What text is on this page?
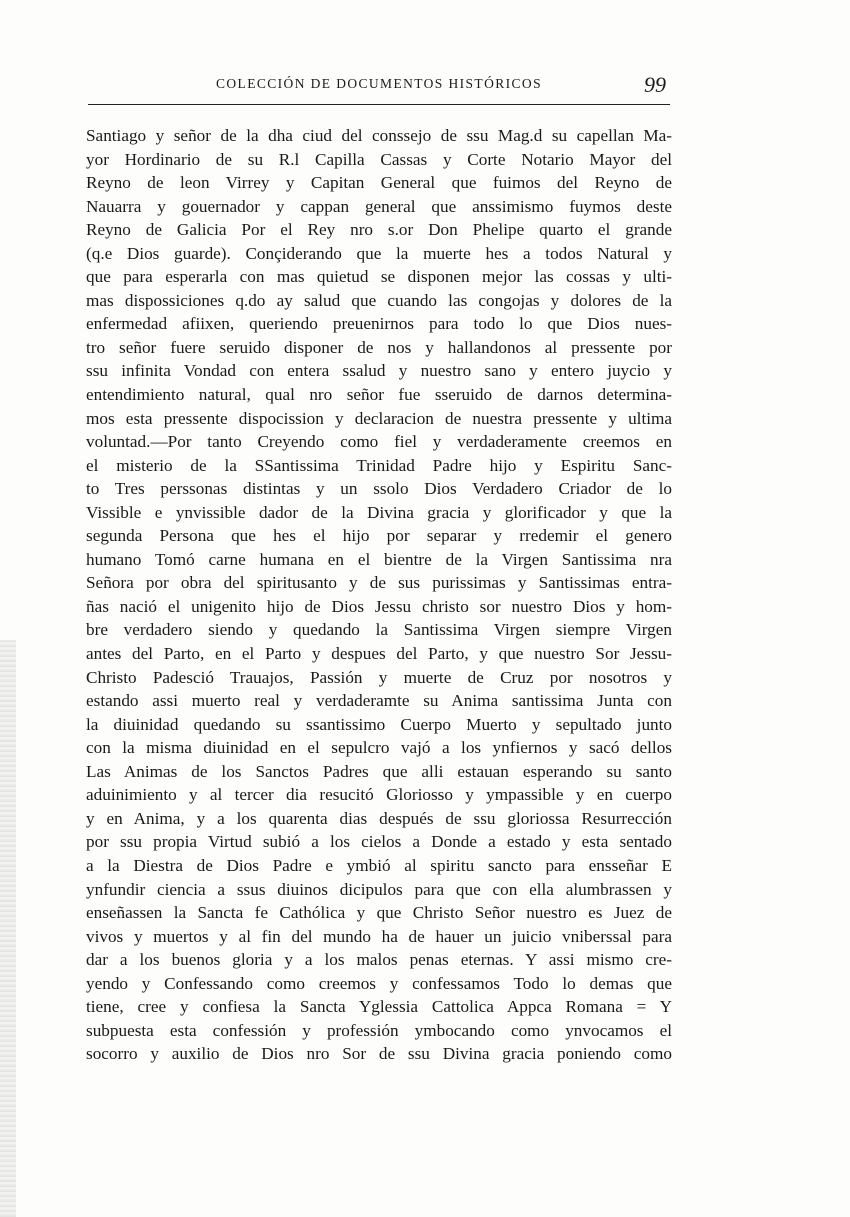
COLECCIÓN DE DOCUMENTOS HISTÓRICOS	99
Santiago y señor de la dha ciud del conssejo de ssu Mag.d su capellan Ma-
yor Hordinario de su R.l Capilla Cassas y Corte Notario Mayor del
Reyno de leon Virrey y Capitan General que fuimos del Reyno de
Nauarra y gouernador y cappan general que anssimismo fuymos deste
Reyno de Galicia Por el Rey nro s.or Don Phelipe quarto el grande
(q.e Dios guarde). Conçiderando que la muerte hes a todos Natural y
que para esperarla con mas quietud se disponen mejor las cossas y ulti-
mas dispossiciones q.do ay salud que cuando las congojas y dolores de la
enfermedad afiixen, queriendo preuenirnos para todo lo que Dios nues-
tro señor fuere seruido disponer de nos y hallandonos al pressente por
ssu infinita Vondad con entera ssalud y nuestro sano y entero juycio y
entendimiento natural, qual nro señor fue sseruido de darnos determina-
mos esta pressente dispocission y declaracion de nuestra pressente y ultima
voluntad.—Por tanto Creyendo como fiel y verdaderamente creemos en
el misterio de la SSantissima Trinidad Padre hijo y Espiritu Sanc-
to Tres perssonas distintas y un ssolo Dios Verdadero Criador de lo
Vissible e ynvissible dador de la Divina gracia y glorificador y que la
segunda Persona que hes el hijo por separar y rredemir el genero
humano Tomó carne humana en el bientre de la Virgen Santissima nra
Señora por obra del spiritusanto y de sus purissimas y Santissimas entra-
ñas nació el unigenito hijo de Dios Jessu christo sor nuestro Dios y hom-
bre verdadero siendo y quedando la Santissima Virgen siempre Virgen
antes del Parto, en el Parto y despues del Parto, y que nuestro Sor Jessu-
Christo Padesció Trauajos, Passión y muerte de Cruz por nosotros y
estando assi muerto real y verdaderamte su Anima santissima Junta con
la diuinidad quedando su ssantissimo Cuerpo Muerto y sepultado junto
con la misma diuinidad en el sepulcro vajó a los ynfiernos y sacó dellos
Las Animas de los Sanctos Padres que alli estauan esperando su santo
aduinimiento y al tercer dia resucitó Gloriosso y ympassible y en cuerpo
y en Anima, y a los quarenta dias después de ssu gloriossa Resurrección
por ssu propia Virtud subió a los cielos a Donde a estado y esta sentado
a la Diestra de Dios Padre e ymbió al spiritu sancto para ensseñar E
ynfundir ciencia a ssus diuinos dicipulos para que con ella alumbrassen y
enseñassen la Sancta fe Cathólica y que Christo Señor nuestro es Juez de
vivos y muertos y al fin del mundo ha de hauer un juicio vniberssal para
dar a los buenos gloria y a los malos penas eternas. Y assi mismo cre-
yendo y Confessando como creemos y confessamos Todo lo demas que
tiene, cree y confiesa la Sancta Yglessia Cattolica Appca Romana = Y
subpuesta esta confessión y professión ymbocando como ynvocamos el
socorro y auxilio de Dios nro Sor de ssu Divina gracia poniendo como
